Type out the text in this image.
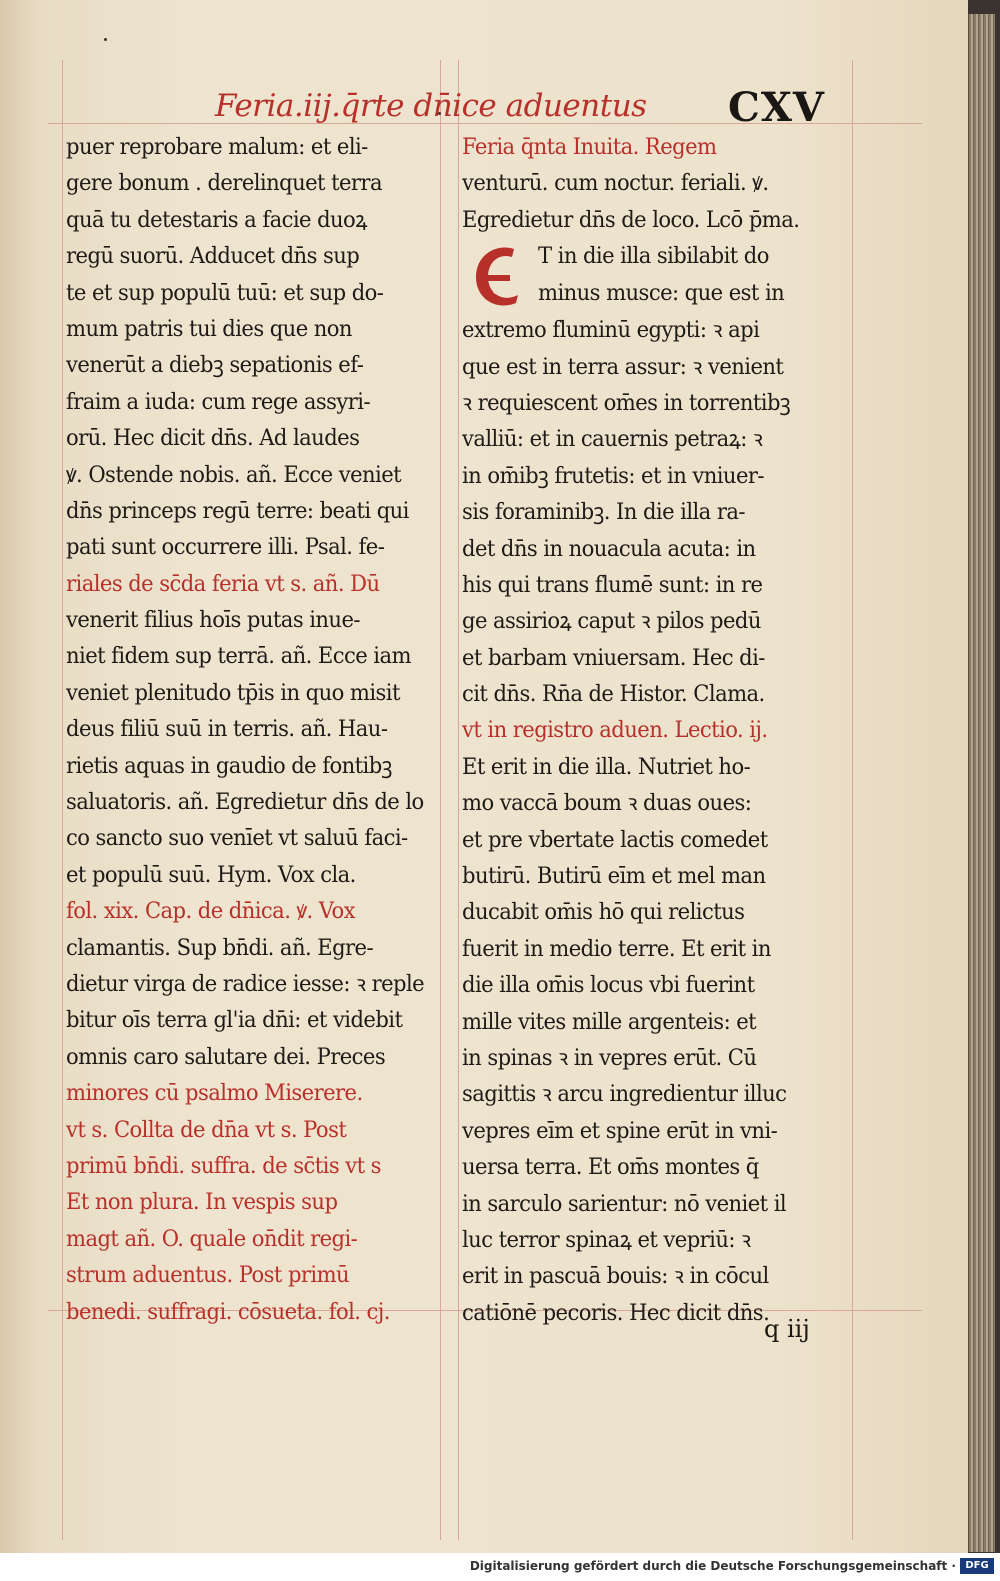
Feria.iij.q̄rte dn̄ice aduentus CXV
puer reprobare malum: et eli-
gere bonum . derelinquet terra
quā tu detestaris a facie duoꝝ
regū suorū. Adducet dn̄s sup
te et sup populū tuū: et sup do-
mum patris tui dies que non
venerūt a diebꝫ sepationis ef-
fraim a iuda: cum rege assyri-
orū. Hec dicit dn̄s. Ad laudes
ꝟ. Ostende nobis. añ. Ecce veniet
dn̄s princeps regū terre: beati qui
pati sunt occurrere illi. Psal. fe-
riales de sc̄da feria vt s. añ. Dū
venerit filius hoīs putas inue-
niet fidem sup terrā. añ. Ecce iam
veniet plenitudo tp̄is in quo misit
deus filiū suū in terris. añ. Hau-
rietis aquas in gaudio de fontibꝫ
saluatoris. añ. Egredietur dn̄s de lo
co sancto suo venīet vt saluū faci-
et populū suū. Hym. Vox cla.
fol. xix. Cap. de dn̄ica. ꝟ. Vox
clamantis. Sup bn̄di. añ. Egre-
dietur virga de radice iesse: ꝛ reple
bitur oīs terra gl'ia dn̄i: et videbit
omnis caro salutare dei. Preces
minores cū psalmo Miserere.
vt s. Collta de dn̄a vt s. Post
primū bn̄di. suffra. de sc̄tis vt s
Et non plura. In vespis sup
magt añ. O. quale on̄dit regi-
strum aduentus. Post primū
benedi. suffragi. cōsueta. fol. cj.
Feria q̄nta Inuita. Regem
venturū. cum noctur. feriali. ꝟ.
Egredietur dn̄s de loco. Lcō p̄ma.
T in die illa sibilabit do
minus musce: que est in
extremo fluminū egypti: ꝛ api
que est in terra assur: ꝛ venient
ꝛ requiescent om̄es in torrentibꝫ
valliū: et in cauernis petraꝝ: ꝛ
in om̄ibꝫ frutetis: et in vniuer-
sis foraminibꝫ. In die illa ra-
det dn̄s in nouacula acuta: in
his qui trans flumē sunt: in re
ge assirioꝝ caput ꝛ pilos pedū
et barbam vniuersam. Hec di-
cit dn̄s. Rn̄a de Histor. Clama.
vt in registro aduen. Lectio. ij.
Et erit in die illa. Nutriet ho-
mo vaccā boum ꝛ duas oues:
et pre vbertate lactis comedet
butirū. Butirū eīm et mel man
ducabit om̄is hō qui relictus
fuerit in medio terre. Et erit in
die illa om̄is locus vbi fuerint
mille vites mille argenteis: et
in spinas ꝛ in vepres erūt. Cū
sagittis ꝛ arcu ingredientur illuc
vepres eīm et spine erūt in vni-
uersa terra. Et om̄s montes q̄
in sarculo sarientur: nō veniet il
luc terror spinaꝝ et vepriū: ꝛ
erit in pascuā bouis: ꝛ in cōcul
catiōnē pecoris. Hec dicit dn̄s.
q iij
Digitalisierung gefördert durch die Deutsche Forschungsgemeinschaft · DFG
